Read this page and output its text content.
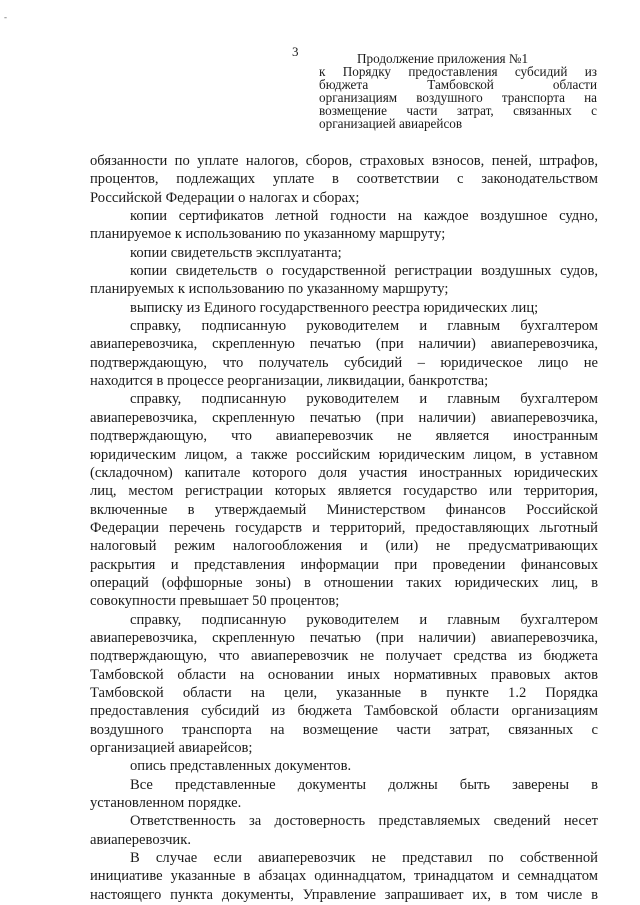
-
3	Продолжение приложения №1
к Порядку предоставления субсидий из
бюджета Тамбовской области
организациям воздушного транспорта на
возмещение части затрат, связанных с
организацией авиарейсов
обязанности по уплате налогов, сборов, страховых взносов, пеней, штрафов,
процентов, подлежащих уплате в соответствии с законодательством
Российской Федерации о налогах и сборах;
копии сертификатов летной годности на каждое воздушное судно,
планируемое к использованию по указанному маршруту;
копии свидетельств эксплуатанта;
копии свидетельств о государственной регистрации воздушных судов,
планируемых к использованию по указанному маршруту;
выписку из Единого государственного реестра юридических лиц;
справку, подписанную руководителем и главным бухгалтером
авиаперевозчика, скрепленную печатью (при наличии) авиаперевозчика,
подтверждающую, что получатель субсидий – юридическое лицо не
находится в процессе реорганизации, ликвидации, банкротства;
справку, подписанную руководителем и главным бухгалтером
авиаперевозчика, скрепленную печатью (при наличии) авиаперевозчика,
подтверждающую, что авиаперевозчик не является иностранным
юридическим лицом, а также российским юридическим лицом, в уставном
(складочном) капитале которого доля участия иностранных юридических
лиц, местом регистрации которых является государство или территория,
включенные в утверждаемый Министерством финансов Российской
Федерации перечень государств и территорий, предоставляющих льготный
налоговый режим налогообложения и (или) не предусматривающих
раскрытия и представления информации при проведении финансовых
операций (оффшорные зоны) в отношении таких юридических лиц, в
совокупности превышает 50 процентов;
справку, подписанную руководителем и главным бухгалтером
авиаперевозчика, скрепленную печатью (при наличии) авиаперевозчика,
подтверждающую, что авиаперевозчик не получает средства из бюджета
Тамбовской области на основании иных нормативных правовых актов
Тамбовской области на цели, указанные в пункте 1.2 Порядка
предоставления субсидий из бюджета Тамбовской области организациям
воздушного транспорта на возмещение части затрат, связанных с
организацией авиарейсов;
опись представленных документов.
Все представленные документы должны быть заверены в
установленном порядке.
Ответственность за достоверность представляемых сведений несет
авиаперевозчик.
В случае если авиаперевозчик не представил по собственной
инициативе указанные в абзацах одиннадцатом, тринадцатом и семнадцатом
настоящего пункта документы, Управление запрашивает их, в том числе в
